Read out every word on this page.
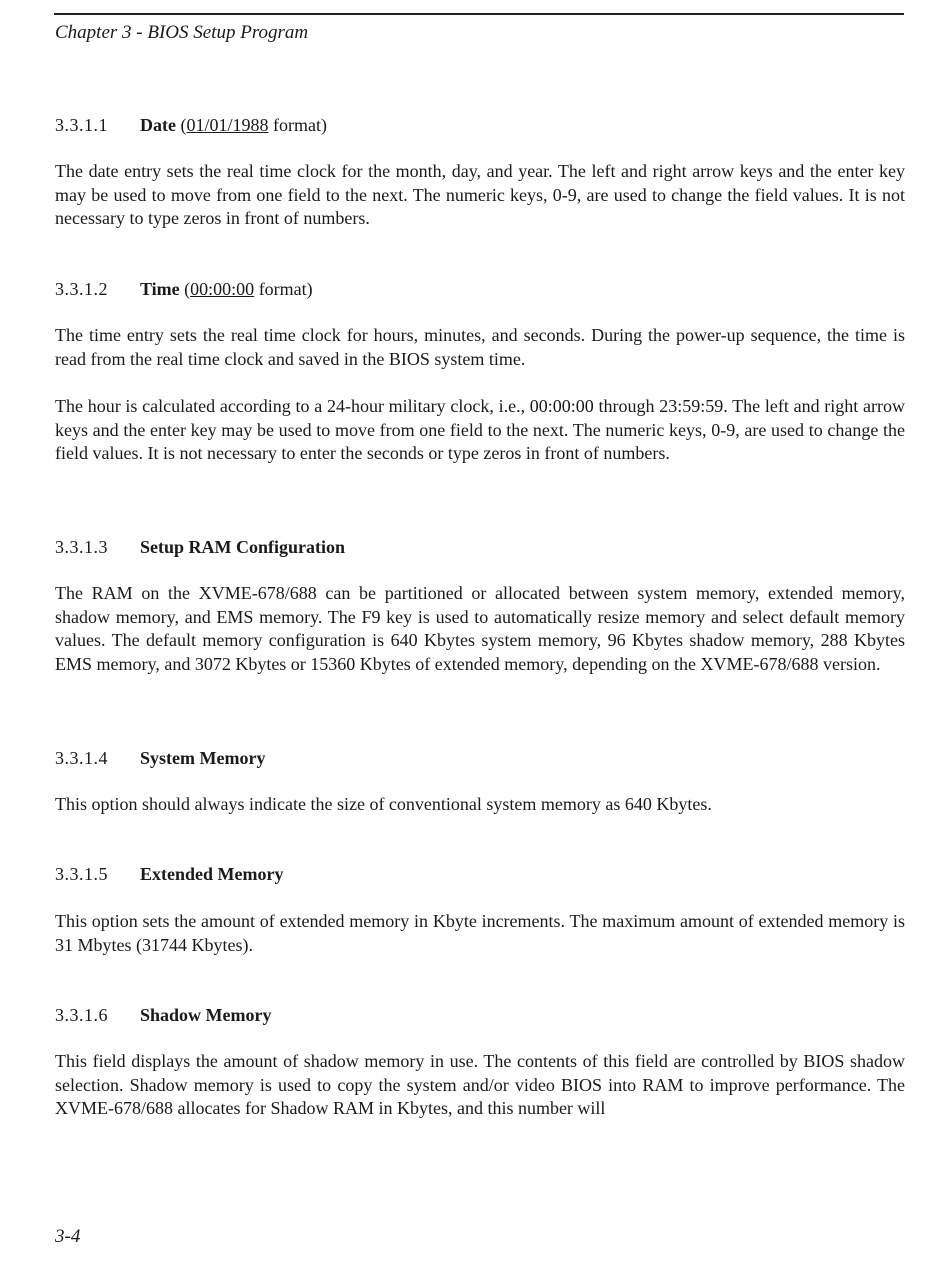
Chapter 3 - BIOS Setup Program
3.3.1.1 Date (01/01/1988 format)
The date entry sets the real time clock for the month, day, and year. The left and right arrow keys and the enter key may be used to move from one field to the next. The numeric keys, 0-9, are used to change the field values. It is not necessary to type zeros in front of numbers.
3.3.1.2 Time (00:00:00 format)
The time entry sets the real time clock for hours, minutes, and seconds. During the power-up sequence, the time is read from the real time clock and saved in the BIOS system time.
The hour is calculated according to a 24-hour military clock, i.e., 00:00:00 through 23:59:59. The left and right arrow keys and the enter key may be used to move from one field to the next. The numeric keys, 0-9, are used to change the field values. It is not necessary to enter the seconds or type zeros in front of numbers.
3.3.1.3 Setup RAM Configuration
The RAM on the XVME-678/688 can be partitioned or allocated between system memory, extended memory, shadow memory, and EMS memory. The F9 key is used to automatically resize memory and select default memory values. The default memory configuration is 640 Kbytes system memory, 96 Kbytes shadow memory, 288 Kbytes EMS memory, and 3072 Kbytes or 15360 Kbytes of extended memory, depending on the XVME-678/688 version.
3.3.1.4 System Memory
This option should always indicate the size of conventional system memory as 640 Kbytes.
3.3.1.5 Extended Memory
This option sets the amount of extended memory in Kbyte increments. The maximum amount of extended memory is 31 Mbytes (31744 Kbytes).
3.3.1.6 Shadow Memory
This field displays the amount of shadow memory in use. The contents of this field are controlled by BIOS shadow selection. Shadow memory is used to copy the system and/or video BIOS into RAM to improve performance. The XVME-678/688 allocates for Shadow RAM in Kbytes, and this number will
3-4
